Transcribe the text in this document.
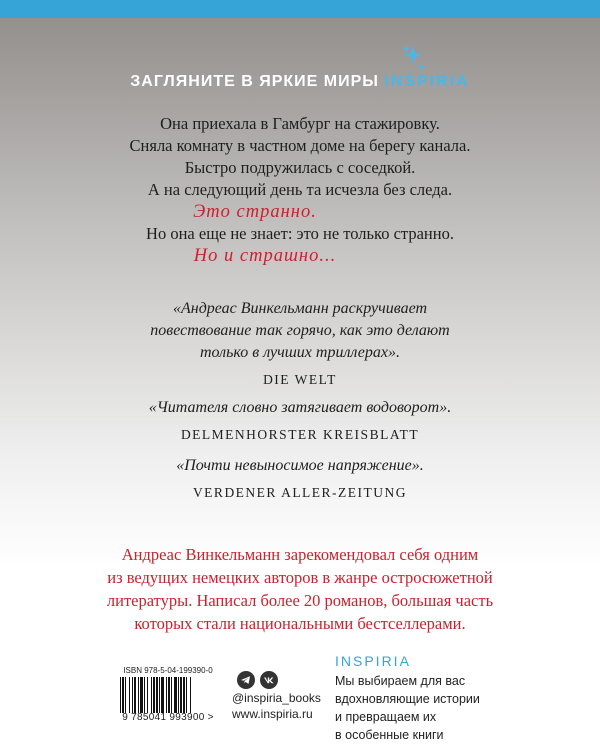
ЗАГЛЯНИТЕ В ЯРКИЕ МИРЫ INSPIRIA
Она приехала в Гамбург на стажировку.
Сняла комнату в частном доме на берегу канала.
Быстро подружилась с соседкой.
А на следующий день та исчезла без следа.
Это странно.
Но она еще не знает: это не только странно.
Но и страшно...
«Андреас Винкельманн раскручивает
повествование так горячо, как это делают
только в лучших триллерах».
DIE WELT
«Читателя словно затягивает водоворот».
DELMENHORSTER KREISBLATT
«Почти невыносимое напряжение».
VERDENER ALLER-ZEITUNG
Андреас Винкельманн зарекомендовал себя одним
из ведущих немецких авторов в жанре остросюжетной
литературы. Написал более 20 романов, большая часть
которых стали национальными бестселлерами.
ISBN 978-5-04-199390-0
9 785041 993900 >
@inspiria_books
www.inspiria.ru
INSPIRIA
Мы выбираем для вас
вдохновляющие истории
и превращаем их
в особенные книги
